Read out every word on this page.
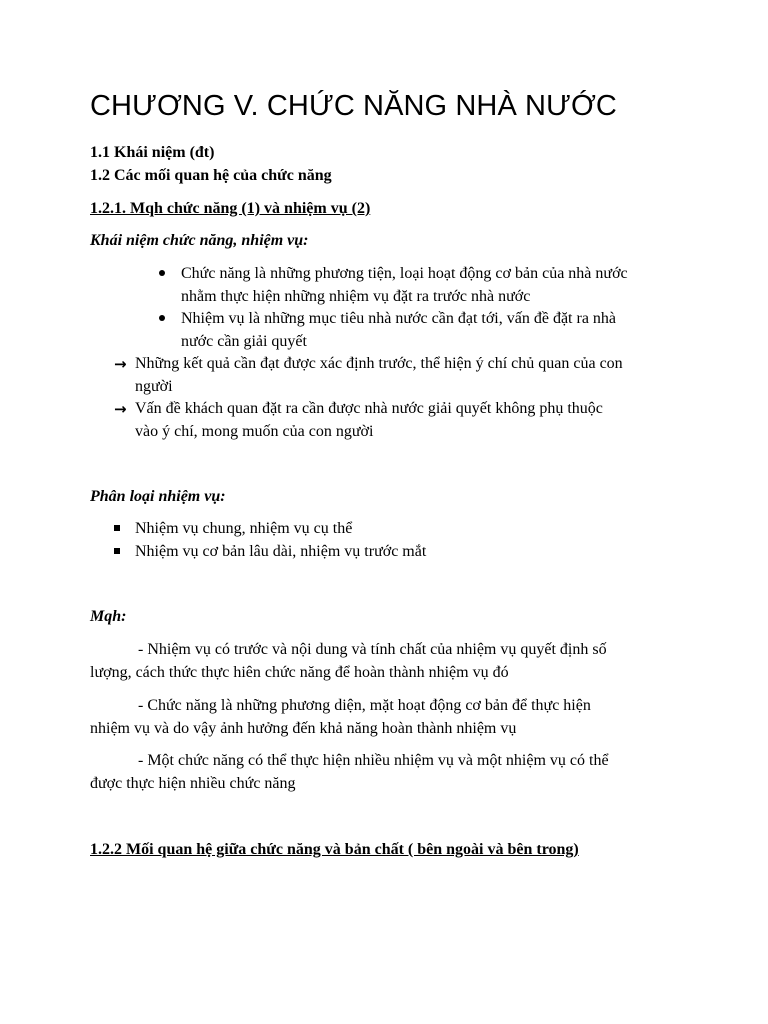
CHƯƠNG V. CHỨC NĂNG NHÀ NƯỚC
1.1 Khái niệm (đt)
1.2 Các mối quan hệ của chức năng
1.2.1. Mqh chức năng (1) và nhiệm vụ (2)
Khái niệm chức năng, nhiệm vụ:
Chức năng là những phương tiện, loại hoạt động cơ bản của nhà nước
nhằm thực hiện những nhiệm vụ đặt ra trước nhà nước
Nhiệm vụ là những mục tiêu nhà nước cần đạt tới, vấn đề đặt ra nhà
nước cần giải quyết
→ Những kết quả cần đạt được xác định trước, thể hiện ý chí chủ quan của con
người
→ Vấn đề khách quan đặt ra cần được nhà nước giải quyết không phụ thuộc
vào ý chí, mong muốn của con người
Phân loại nhiệm vụ:
Nhiệm vụ chung, nhiệm vụ cụ thể
Nhiệm vụ cơ bản lâu dài, nhiệm vụ trước mắt
Mqh:
- Nhiệm vụ có trước và nội dung và tính chất của nhiệm vụ quyết định số
lượng, cách thức thực hiên chức năng để hoàn thành nhiệm vụ đó
- Chức năng là những phương diện, mặt hoạt động cơ bản để thực hiện
nhiệm vụ và do vậy ảnh hưởng đến khả năng hoàn thành nhiệm vụ
- Một chức năng có thể thực hiện nhiều nhiệm vụ và một nhiệm vụ có thể
được thực hiện nhiều chức năng
1.2.2 Mối quan hệ giữa chức năng và bản chất ( bên ngoài và bên trong)
